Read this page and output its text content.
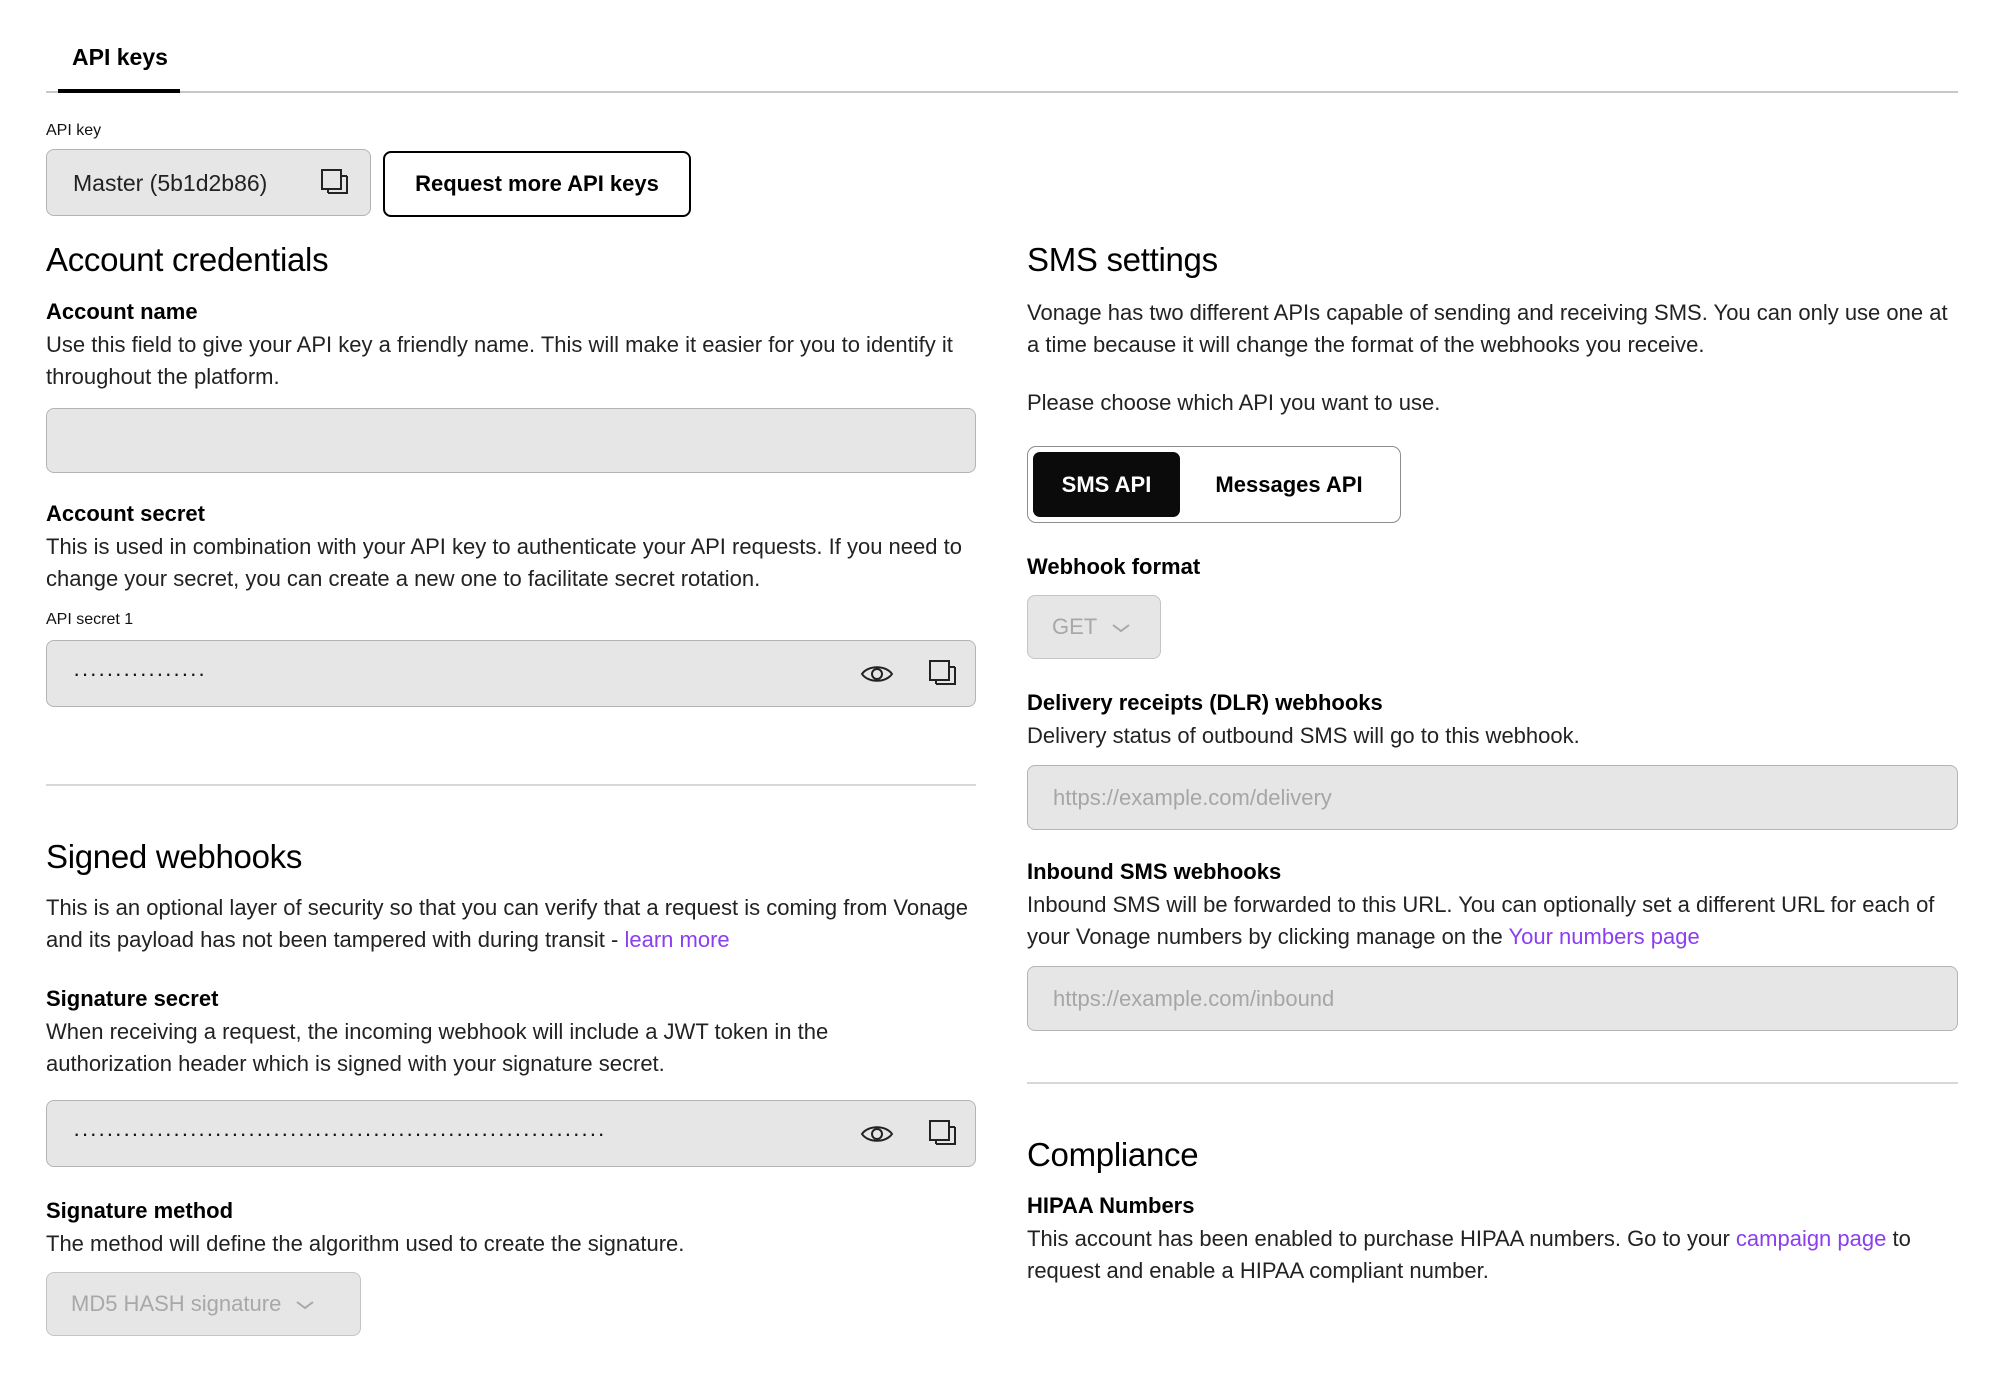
API keys
API key
Master (5b1d2b86)	Request more API keys
Account credentials
Account name
Use this field to give your API key a friendly name. This will make it easier for you to identify it throughout the platform.
Account secret
This is used in combination with your API key to authenticate your API requests. If you need to change your secret, you can create a new one to facilitate secret rotation.
API secret 1
················
Signed webhooks
This is an optional layer of security so that you can verify that a request is coming from Vonage and its payload has not been tampered with during transit - learn more
Signature secret
When receiving a request, the incoming webhook will include a JWT token in the authorization header which is signed with your signature secret.
································································
Signature method
The method will define the algorithm used to create the signature.
MD5 HASH signature
SMS settings
Vonage has two different APIs capable of sending and receiving SMS. You can only use one at a time because it will change the format of the webhooks you receive.
Please choose which API you want to use.
SMS API	Messages API
Webhook format
GET
Delivery receipts (DLR) webhooks
Delivery status of outbound SMS will go to this webhook.
https://example.com/delivery
Inbound SMS webhooks
Inbound SMS will be forwarded to this URL. You can optionally set a different URL for each of your Vonage numbers by clicking manage on the Your numbers page
https://example.com/inbound
Compliance
HIPAA Numbers
This account has been enabled to purchase HIPAA numbers. Go to your campaign page to request and enable a HIPAA compliant number.
